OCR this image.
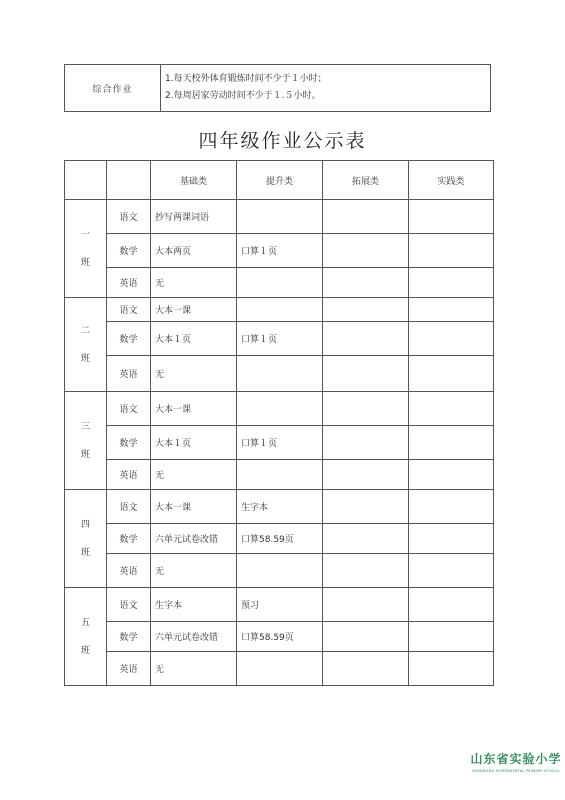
综合作业	
1.每天校外体育锻炼时间不少于１小时；
2.每周居家劳动时间不少于１.５小时。
四年级作业公示表
		基础类	提升类	拓展类	实践类

一
班	语文	抄写两课词语			
	数学	大本两页	口算１页		
	英语	无			

二
班	语文	大本一课			
	数学	大本１页	口算１页		
	英语	无			

三
班	语文	大本一课			
	数学	大本１页	口算１页		
	英语	无			

四
班	语文	大本一课	生字本		
	数学	六单元试卷改错	口算58.59页		
	英语	无			

五
班	语文	生字本	预习		
	数学	六单元试卷改错	口算58.59页		
	英语	无			
山东省实验小学
SHANDONG EXPERIMENTAL PRIMARY SCHOOL
